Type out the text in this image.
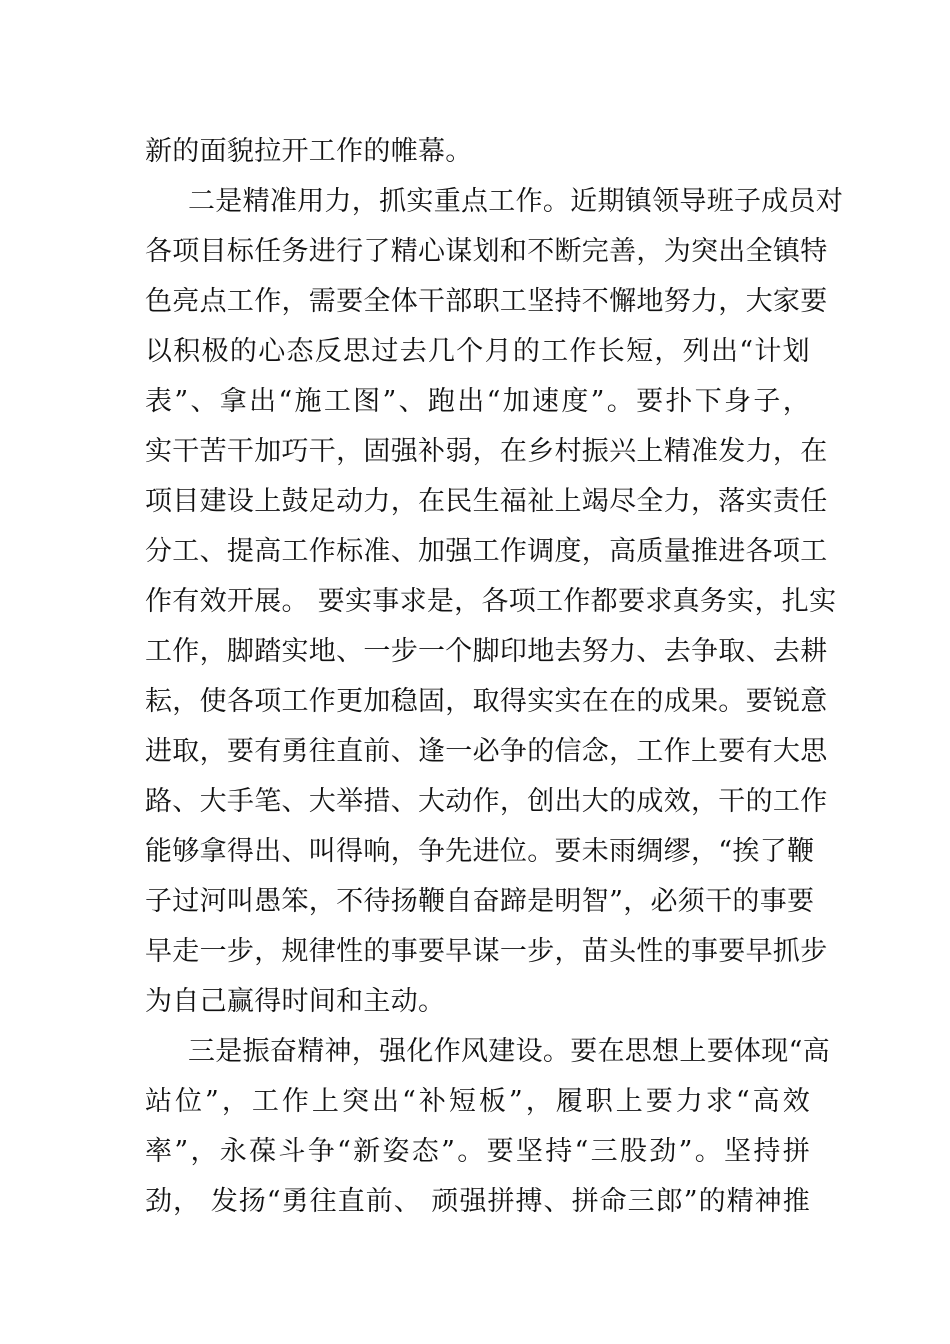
新的面貌拉开工作的帷幕。
二是精准用力，抓实重点工作。近期镇领导班子成员对
各项目标任务进行了精心谋划和不断完善，为突出全镇特
色亮点工作，需要全体干部职工坚持不懈地努力，大家要
以积极的心态反思过去几个月的工作长短，列出“计划
表”、拿出“施工图”、跑出“加速度”。要扑下身子，
实干苦干加巧干，固强补弱，在乡村振兴上精准发力，在
项目建设上鼓足动力，在民生福祉上竭尽全力，落实责任
分工、提高工作标准、加强工作调度，高质量推进各项工
作有效开展。 要实事求是，各项工作都要求真务实，扎实
工作，脚踏实地、一步一个脚印地去努力、去争取、去耕
耘，使各项工作更加稳固，取得实实在在的成果。要锐意
进取，要有勇往直前、逢一必争的信念，工作上要有大思
路、大手笔、大举措、大动作，创出大的成效，干的工作
能够拿得出、叫得响，争先进位。要未雨绸缪，“挨了鞭
子过河叫愚笨，不待扬鞭自奋蹄是明智”，必须干的事要
早走一步，规律性的事要早谋一步，苗头性的事要早抓步
为自己赢得时间和主动。
三是振奋精神，强化作风建设。要在思想上要体现“高
站位”，工作上突出“补短板”，履职上要力求“高效
率”，永葆斗争“新姿态”。要坚持“三股劲”。坚持拼
劲， 发扬“勇往直前、 顽强拼搏、拼命三郎”的精神推
